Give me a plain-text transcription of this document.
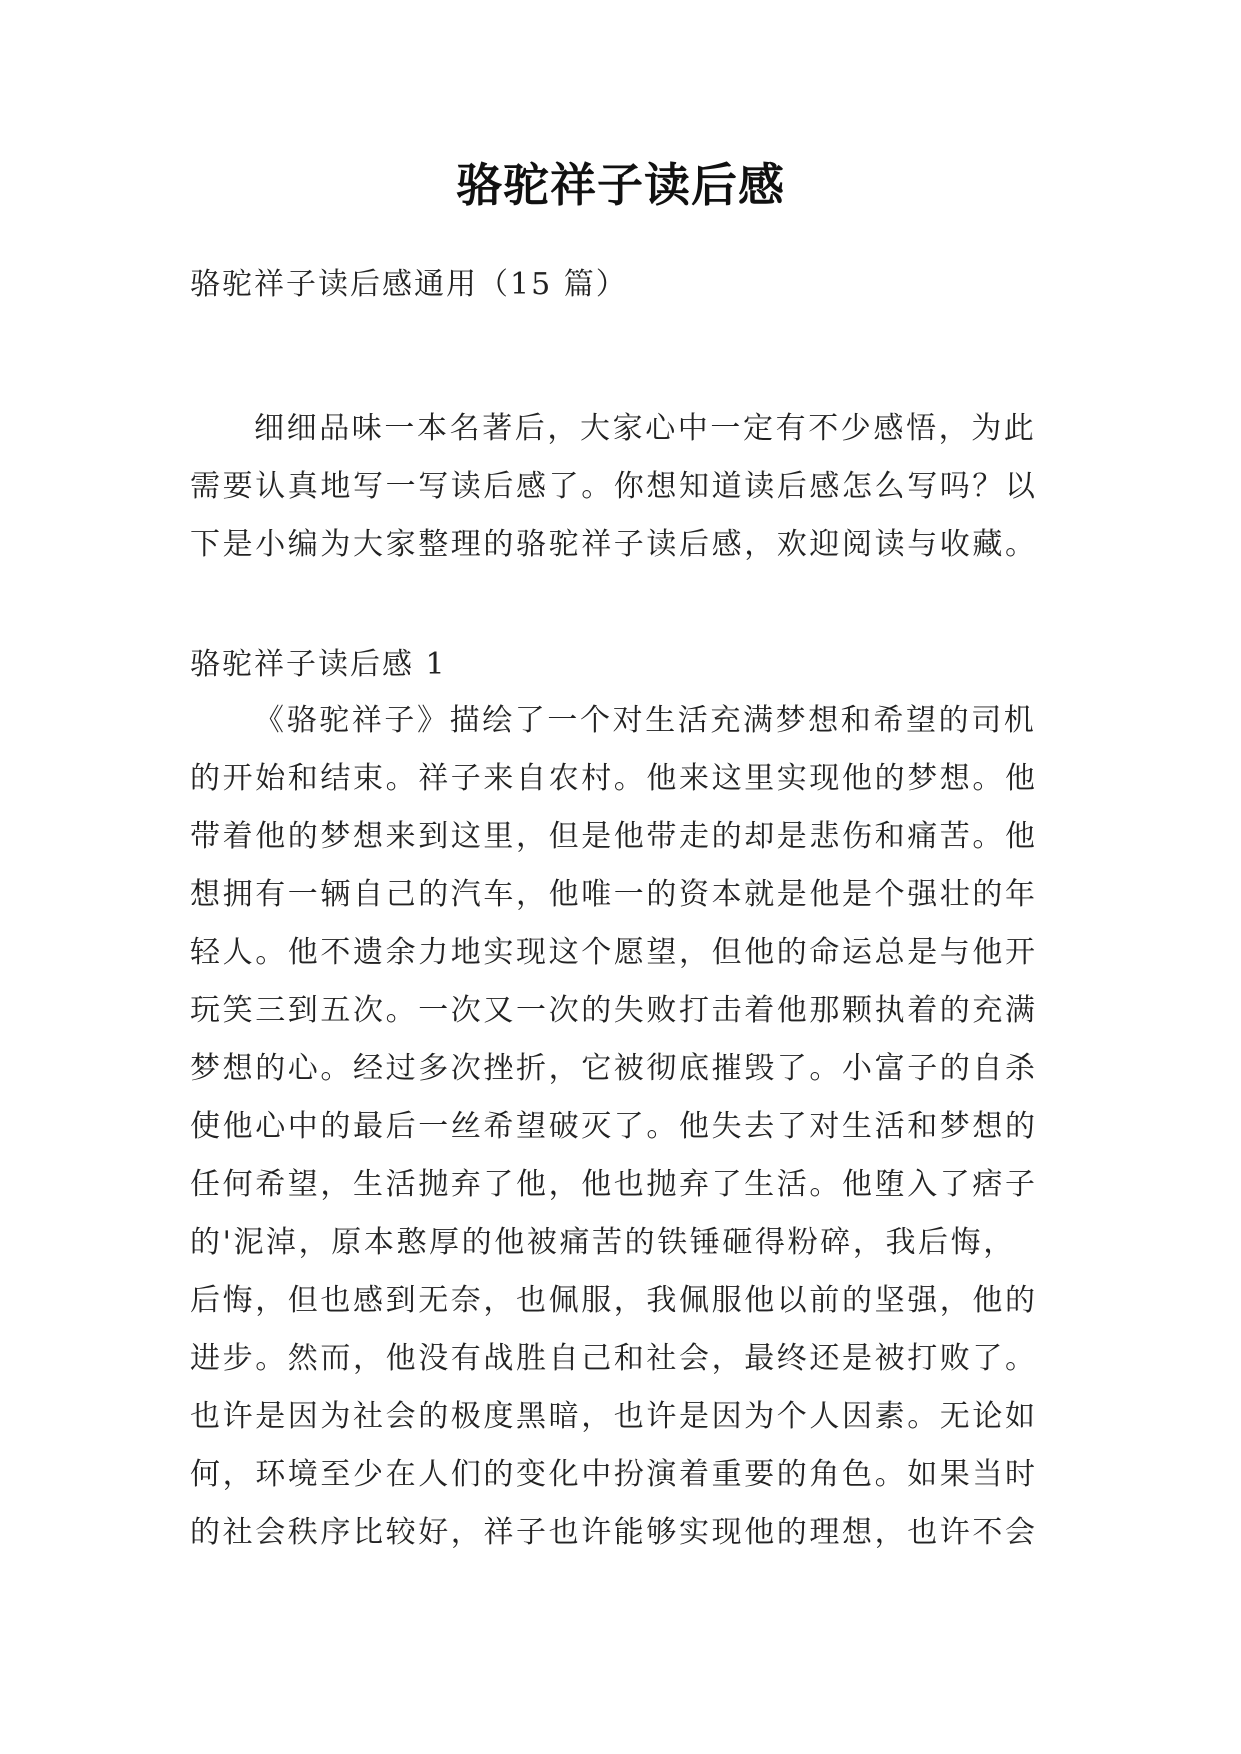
骆驼祥子读后感
骆驼祥子读后感通用（15 篇）
细细品味一本名著后，大家心中一定有不少感悟，为此
需要认真地写一写读后感了。你想知道读后感怎么写吗？以
下是小编为大家整理的骆驼祥子读后感，欢迎阅读与收藏。
骆驼祥子读后感 1
《骆驼祥子》描绘了一个对生活充满梦想和希望的司机
的开始和结束。祥子来自农村。他来这里实现他的梦想。他
带着他的梦想来到这里，但是他带走的却是悲伤和痛苦。他
想拥有一辆自己的汽车，他唯一的资本就是他是个强壮的年
轻人。他不遗余力地实现这个愿望，但他的命运总是与他开
玩笑三到五次。一次又一次的失败打击着他那颗执着的充满
梦想的心。经过多次挫折，它被彻底摧毁了。小富子的自杀
使他心中的最后一丝希望破灭了。他失去了对生活和梦想的
任何希望，生活抛弃了他，他也抛弃了生活。他堕入了痞子
的'泥淖，原本憨厚的他被痛苦的铁锤砸得粉碎，我后悔，
后悔，但也感到无奈，也佩服，我佩服他以前的坚强，他的
进步。然而，他没有战胜自己和社会，最终还是被打败了。
也许是因为社会的极度黑暗，也许是因为个人因素。无论如
何，环境至少在人们的变化中扮演着重要的角色。如果当时
的社会秩序比较好，祥子也许能够实现他的理想，也许不会
